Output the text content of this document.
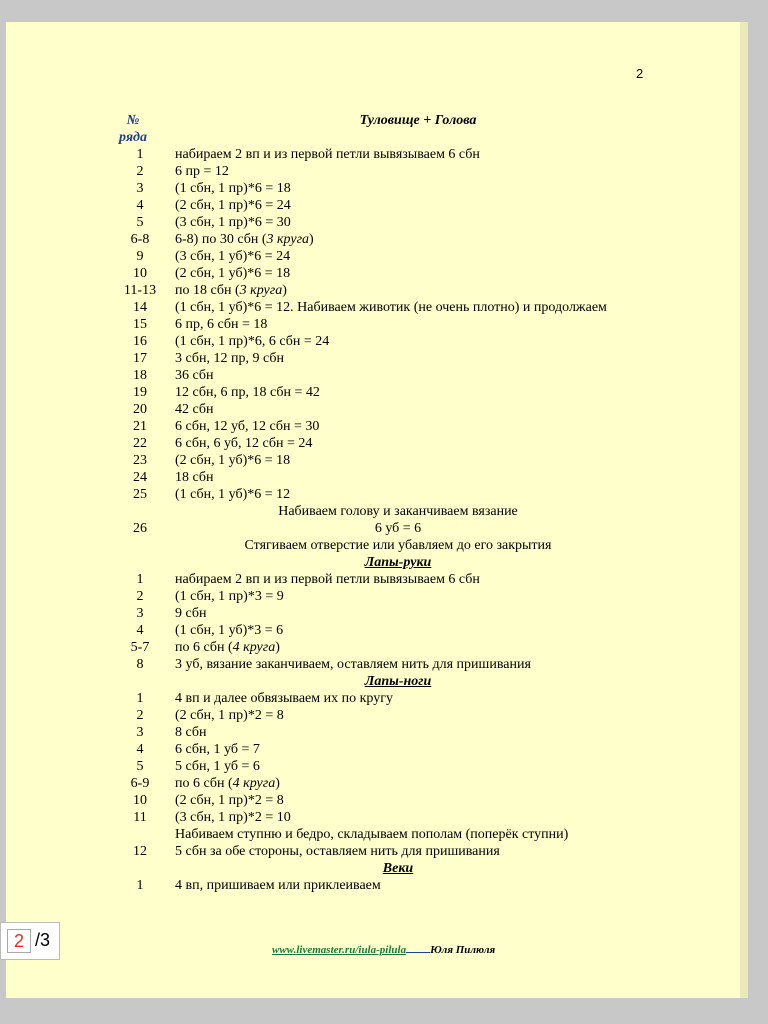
2
№
ряда
Туловище + Голова
1	набираем 2 вп и из первой петли вывязываем 6 сбн
2	6 пр = 12
3	(1 сбн, 1 пр)*6 = 18
4	(2 сбн, 1 пр)*6 = 24
5	(3 сбн, 1 пр)*6 = 30
6-8	6-8) по 30 сбн (3 круга)
9	(3 сбн, 1 уб)*6 = 24
10	(2 сбн, 1 уб)*6 = 18
11-13	по 18 сбн (3 круга)
14	(1 сбн, 1 уб)*6 = 12. Набиваем животик (не очень плотно) и продолжаем
15	6 пр, 6 сбн = 18
16	(1 сбн, 1 пр)*6, 6 сбн = 24
17	3 сбн, 12 пр, 9 сбн
18	36 сбн
19	12 сбн, 6 пр, 18 сбн = 42
20	42 сбн
21	6 сбн, 12 уб, 12 сбн = 30
22	6 сбн, 6 уб, 12 сбн = 24
23	(2 сбн, 1 уб)*6 = 18
24	18 сбн
25	(1 сбн, 1 уб)*6 = 12
Набиваем голову и заканчиваем вязание
26	6 уб = 6
Стягиваем отверстие или убавляем до его закрытия
Лапы-руки
1	набираем 2 вп и из первой петли вывязываем 6 сбн
2	(1 сбн, 1 пр)*3 = 9
3	9 сбн
4	(1 сбн, 1 уб)*3 = 6
5-7	по 6 сбн (4 круга)
8	3 уб, вязание заканчиваем, оставляем нить для пришивания
Лапы-ноги
1	4 вп и далее обвязываем их по кругу
2	(2 сбн, 1 пр)*2 = 8
3	8 сбн
4	6 сбн, 1 уб = 7
5	5 сбн, 1 уб = 6
6-9	по 6 сбн (4 круга)
10	(2 сбн, 1 пр)*2 = 8
11	(3 сбн, 1 пр)*2 = 10
Набиваем ступню и бедро, складываем пополам (поперёк ступни)
12	5 сбн за обе стороны, оставляем нить для пришивания
Веки
1	4 вп, пришиваем или приклеиваем
www.livemaster.ru/iula-pilula Юля Пилюля
2 /3
